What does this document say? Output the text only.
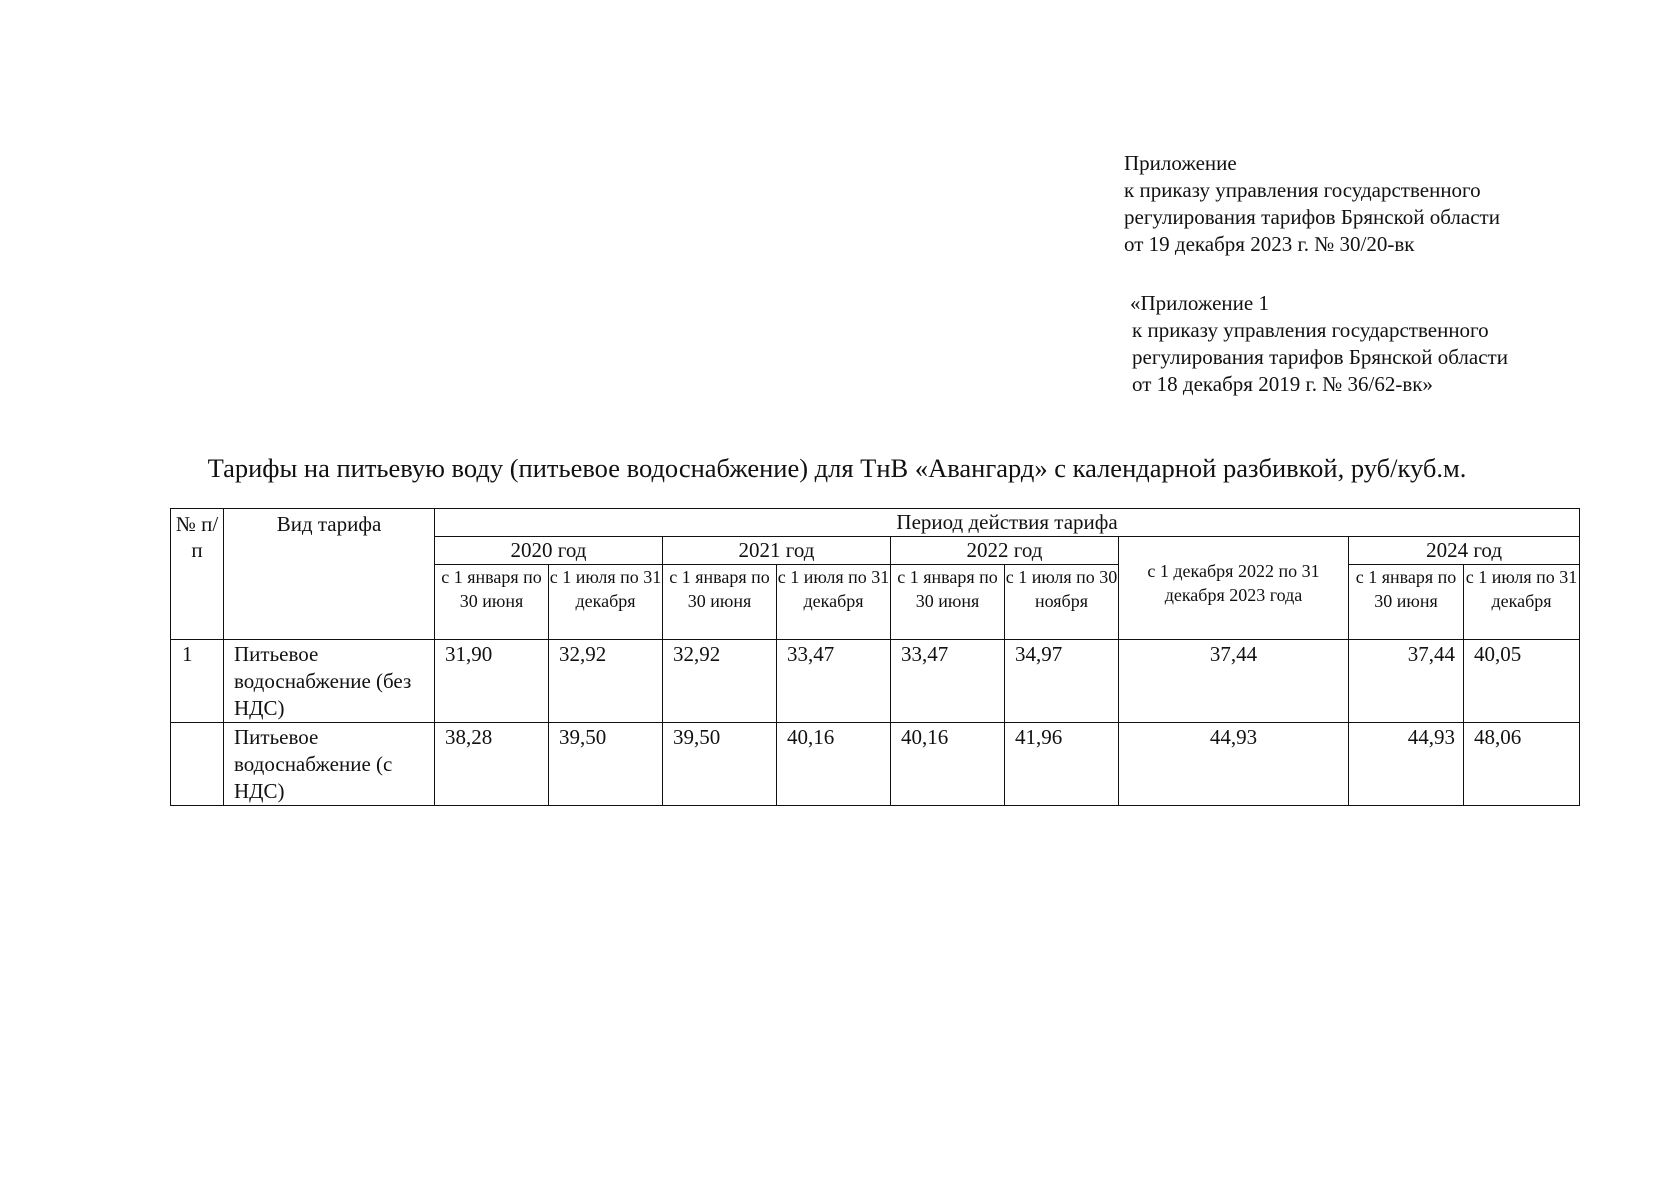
Приложение
к приказу управления государственного
регулирования тарифов Брянской области
от 19 декабря 2023 г. № 30/20-вк
«Приложение 1
к приказу управления государственного
регулирования тарифов Брянской области
от 18 декабря 2019 г. № 36/62-вк»
Тарифы на питьевую воду (питьевое водоснабжение) для ТнВ «Авангард» с календарной разбивкой, руб/куб.м.
№ п/п	Вид тарифа	Период действия тарифа								
		2020 год		2021 год		2022 год		с 1 декабря 2022 по 31 декабря 2023 года	2024 год	
		с 1 января по 30 июня	с 1 июля по 31 декабря	с 1 января по 30 июня	с 1 июля по 31 декабря	с 1 января по 30 июня	с 1 июля по 30 ноября		с 1 января по 30 июня	с 1 июля по 31 декабря
1	Питьевое водоснабжение (без НДС)	31,90	32,92	32,92	33,47	33,47	34,97	37,44	37,44	40,05
	Питьевое водоснабжение (с НДС)	38,28	39,50	39,50	40,16	40,16	41,96	44,93	44,93	48,06
